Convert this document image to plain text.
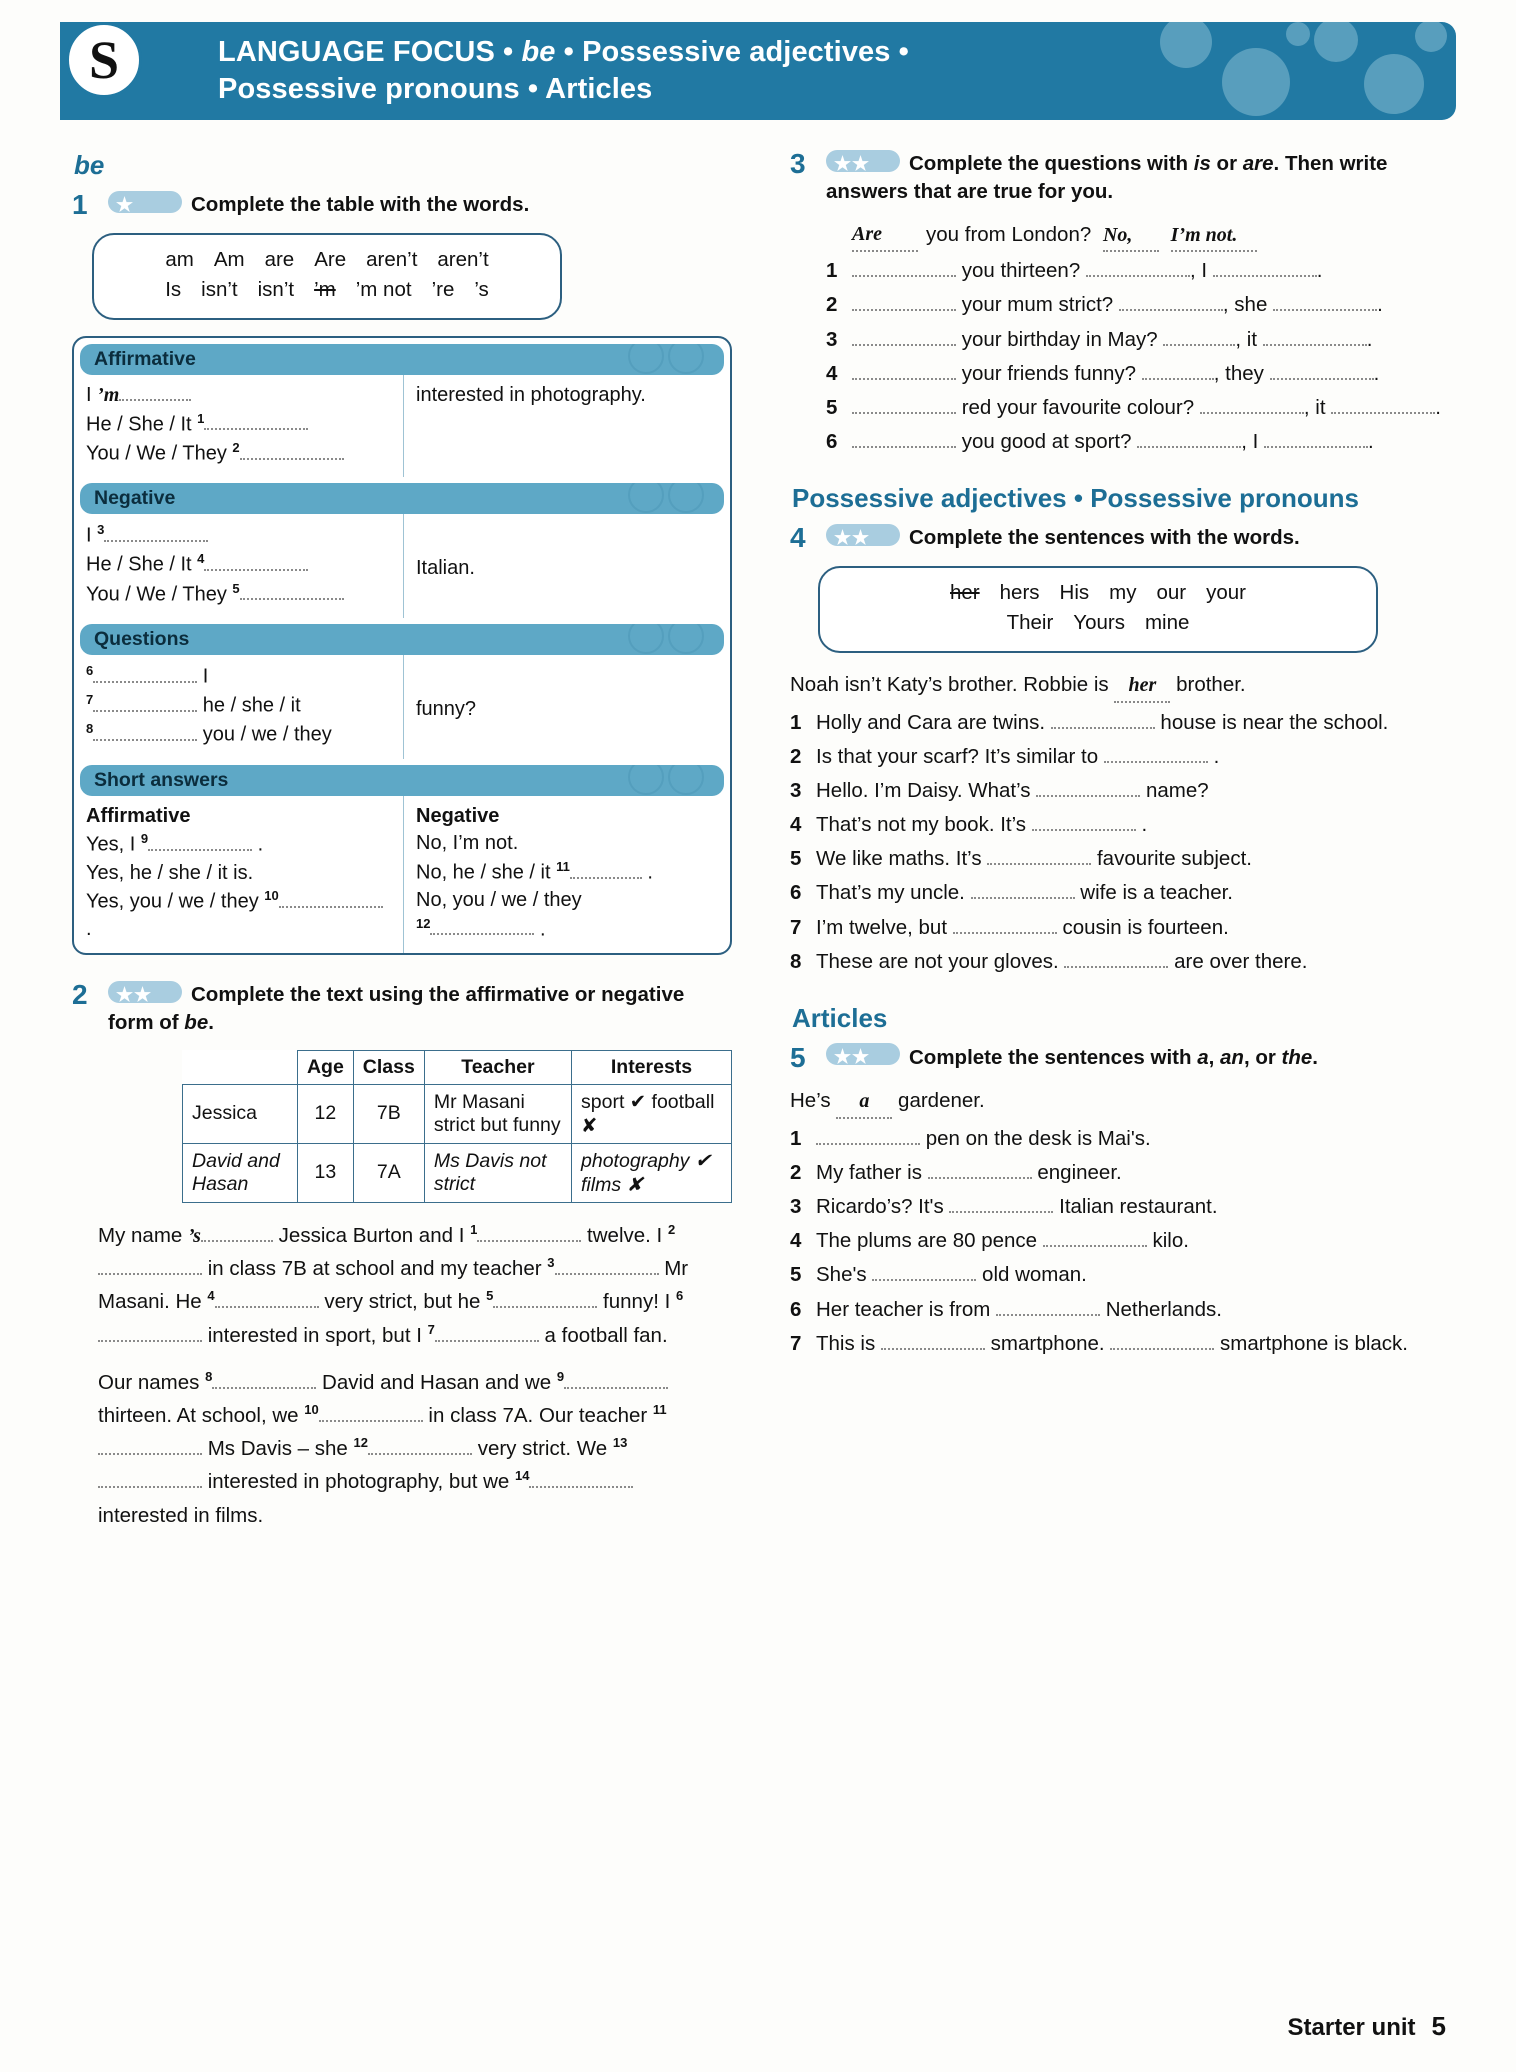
LANGUAGE FOCUS • be • Possessive adjectives •
Possessive pronouns • Articles
S
be
1	★	Complete the table with the words.
am Am are Are aren’t aren’t
Is isn’t isn’t ’m ’m not ’re ’s
Affirmative
I ’m
He / She / It $^1$
You / We / They $^2$
interested in photography.
Negative
I $^3$
He / She / It $^4$
You / We / They $^5$
Italian.
Questions
$^6$	I
$^7$	he / she / it
$^8$	you / we / they
funny?
Short answers
Affirmative
Yes, I $^9$	.
Yes, he / she / it is.
Yes, you / we / they $^{10}$ .
Negative
No, I’m not.
No, he / she / it $^{11}$	.
No, you / we / they
$^{12}$	.
2	★★ Complete the text using the affirmative or negative form of be.
	Age	Class	Teacher	Interests
Jessica	12	7B	Mr Masani strict but funny	sport ✔ football ✘
David and Hasan	13	7A	Ms Davis not strict	photography ✔ films ✘
My name ’s	Jessica Burton and I $^1$	twelve. I $^2$ in class 7B at school and my teacher $^3$	Mr Masani. He $^4$	very strict, but he $^5$	funny! I $^6$ interested in sport, but I $^7$	a football fan.
Our names $^8$	David and Hasan and we $^9$ thirteen. At school, we $^{10}$	in class 7A. Our teacher $^{11}$ Ms Davis – she $^{12}$	very strict. We $^{13}$ interested in photography, but we $^{14}$ interested in films.
3	★★ Complete the questions with is or are. Then write answers that are true for you.
Are	you from London? No, I’m not.
1	you thirteen?	, I	.
2	your mum strict?	, she	.
3	your birthday in May?	, it	.
4	your friends funny?	, they	.
5	red your favourite colour?	, it	.
6	you good at sport?	, I	.
Possessive adjectives • Possessive pronouns
4	★★ Complete the sentences with the words.
her hers His my our your
Their Yours mine
Noah isn’t Katy’s brother. Robbie is her brother.
1 Holly and Cara are twins.	house is near the school.
2 Is that your scarf? It’s similar to	.
3 Hello. I’m Daisy. What’s	name?
4 That’s not my book. It’s	.
5 We like maths. It’s	favourite subject.
6 That’s my uncle.	wife is a teacher.
7 I’m twelve, but	cousin is fourteen.
8 These are not your gloves.	are over there.
Articles
5	★★ Complete the sentences with a, an, or the.
He’s a gardener.
1	pen on the desk is Mai's.
2 My father is	engineer.
3 Ricardo’s? It's	Italian restaurant.
4 The plums are 80 pence	kilo.
5 She's	old woman.
6 Her teacher is from	Netherlands.
7 This is	smartphone.	smartphone is black.
Starter unit 5
